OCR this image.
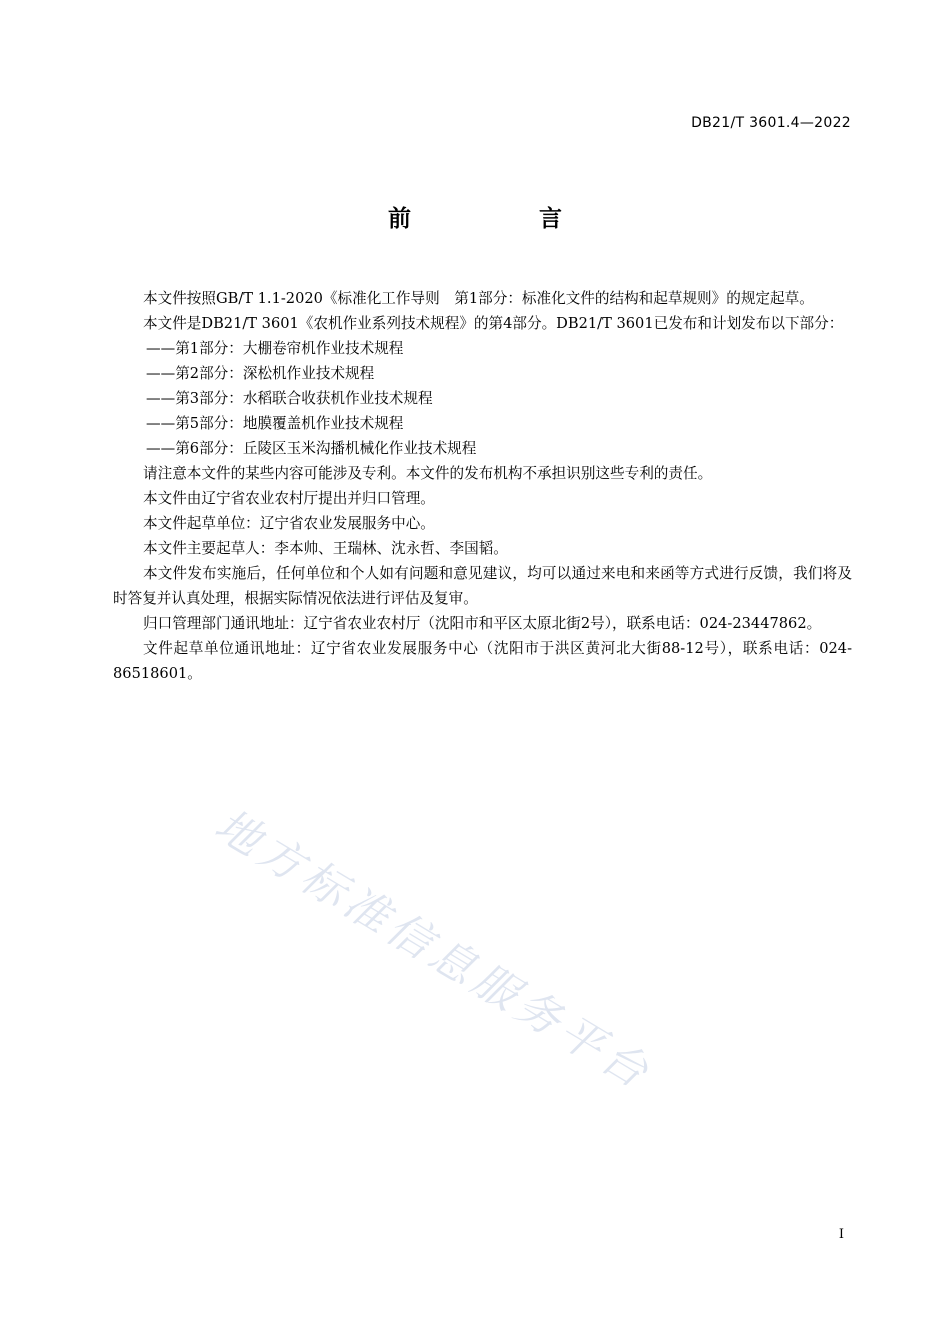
DB21/T 3601.4—2022
前 言
本文件按照GB/T 1.1-2020《标准化工作导则　第1部分：标准化文件的结构和起草规则》的规定起草。
本文件是DB21/T 3601《农机作业系列技术规程》的第4部分。DB21/T 3601已发布和计划发布以下部分：
——第1部分：大棚卷帘机作业技术规程
——第2部分：深松机作业技术规程
——第3部分：水稻联合收获机作业技术规程
——第5部分：地膜覆盖机作业技术规程
——第6部分：丘陵区玉米沟播机械化作业技术规程
请注意本文件的某些内容可能涉及专利。本文件的发布机构不承担识别这些专利的责任。
本文件由辽宁省农业农村厅提出并归口管理。
本文件起草单位：辽宁省农业发展服务中心。
本文件主要起草人：李本帅、王瑞林、沈永哲、李国韬。
本文件发布实施后，任何单位和个人如有问题和意见建议，均可以通过来电和来函等方式进行反馈，我们将及时答复并认真处理，根据实际情况依法进行评估及复审。
归口管理部门通讯地址：辽宁省农业农村厅（沈阳市和平区太原北街2号），联系电话：024-23447862。
文件起草单位通讯地址：辽宁省农业发展服务中心（沈阳市于洪区黄河北大街88-12号），联系电话：024-86518601。
地方标准信息服务平台
I
